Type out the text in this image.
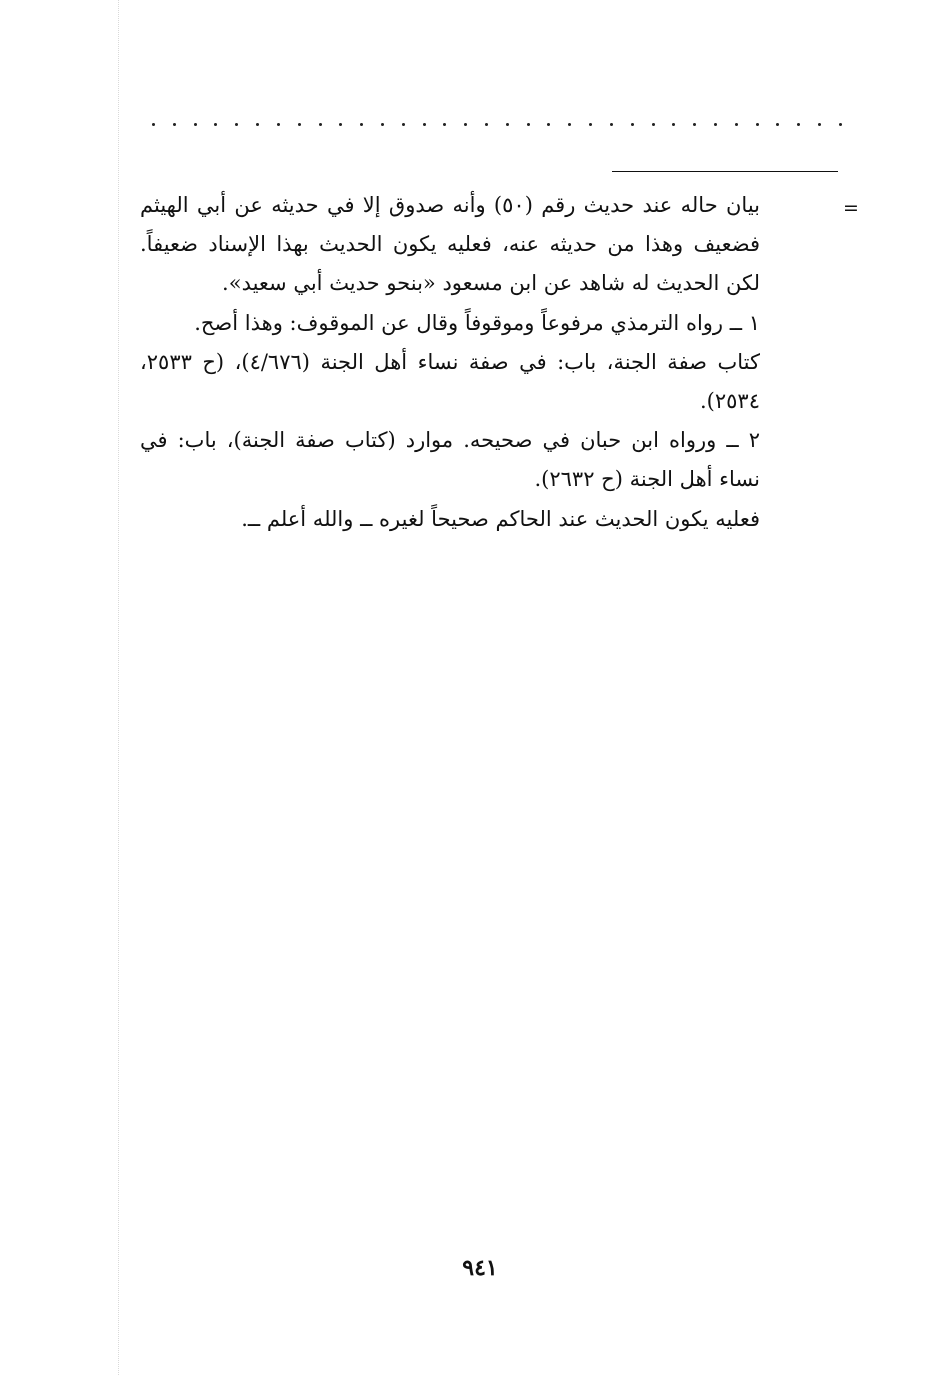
=
بيان حاله عند حديث رقم (٥٠) وأنه صدوق إلا في حديثه عن أبي الهيثم
فضعيف وهذا من حديثه عنه، فعليه يكون الحديث بهذا الإسناد ضعيفاً.
لكن الحديث له شاهد عن ابن مسعود «بنحو حديث أبي سعيد».
١ ــ رواه الترمذي مرفوعاً وموقوفاً وقال عن الموقوف: وهذا أصح.
كتاب صفة الجنة، باب: في صفة نساء أهل الجنة (٤/٦٧٦)، (ح ٢٥٣٣،
٢٥٣٤).
٢ ــ ورواه ابن حبان في صحيحه. موارد (كتاب صفة الجنة)، باب: في
نساء أهل الجنة (ح ٢٦٣٢).
فعليه يكون الحديث عند الحاكم صحيحاً لغيره ــ والله أعلم ــ.
٩٤١
